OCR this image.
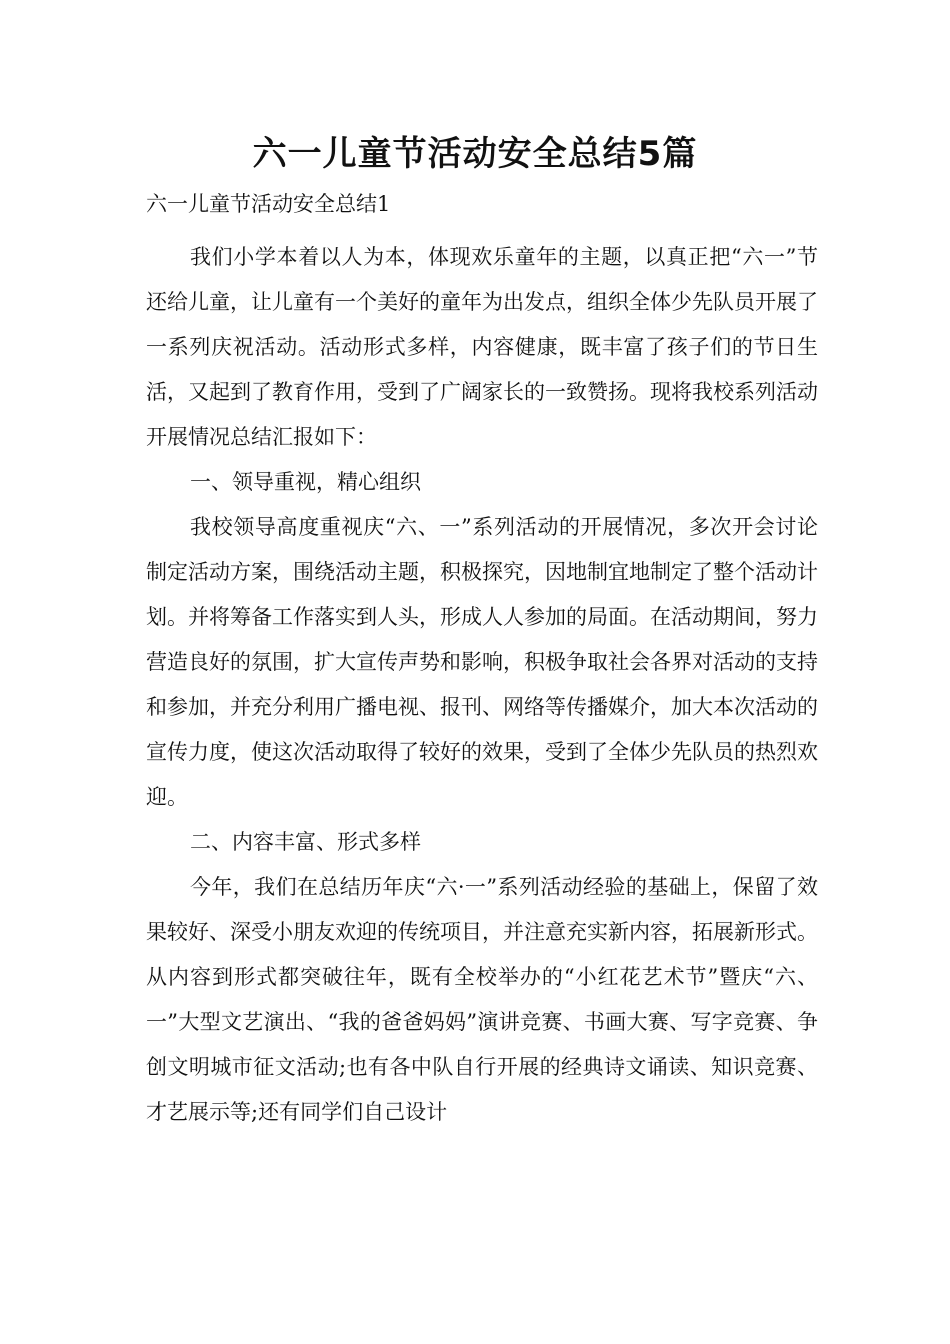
六一儿童节活动安全总结5篇

六一儿童节活动安全总结1

我们小学本着以人为本，体现欢乐童年的主题，以真正把“六一”节还给儿童，让儿童有一个美好的童年为出发点，组织全体少先队员开展了一系列庆祝活动。活动形式多样，内容健康，既丰富了孩子们的节日生活，又起到了教育作用，受到了广阔家长的一致赞扬。现将我校系列活动开展情况总结汇报如下：

一、领导重视，精心组织

我校领导高度重视庆“六、一”系列活动的开展情况，多次开会讨论制定活动方案，围绕活动主题，积极探究，因地制宜地制定了整个活动计划。并将筹备工作落实到人头，形成人人参加的局面。在活动期间，努力营造良好的氛围，扩大宣传声势和影响，积极争取社会各界对活动的支持和参加，并充分利用广播电视、报刊、网络等传播媒介，加大本次活动的宣传力度，使这次活动取得了较好的效果，受到了全体少先队员的热烈欢迎。

二、内容丰富、形式多样

今年，我们在总结历年庆“六·一”系列活动经验的基础上，保留了效果较好、深受小朋友欢迎的传统项目，并注意充实新内容，拓展新形式。从内容到形式都突破往年，既有全校举办的“小红花艺术节”暨庆“六、一”大型文艺演出、“我的爸爸妈妈”演讲竞赛、书画大赛、写字竞赛、争创文明城市征文活动;也有各中队自行开展的经典诗文诵读、知识竞赛、才艺展示等;还有同学们自己设计
